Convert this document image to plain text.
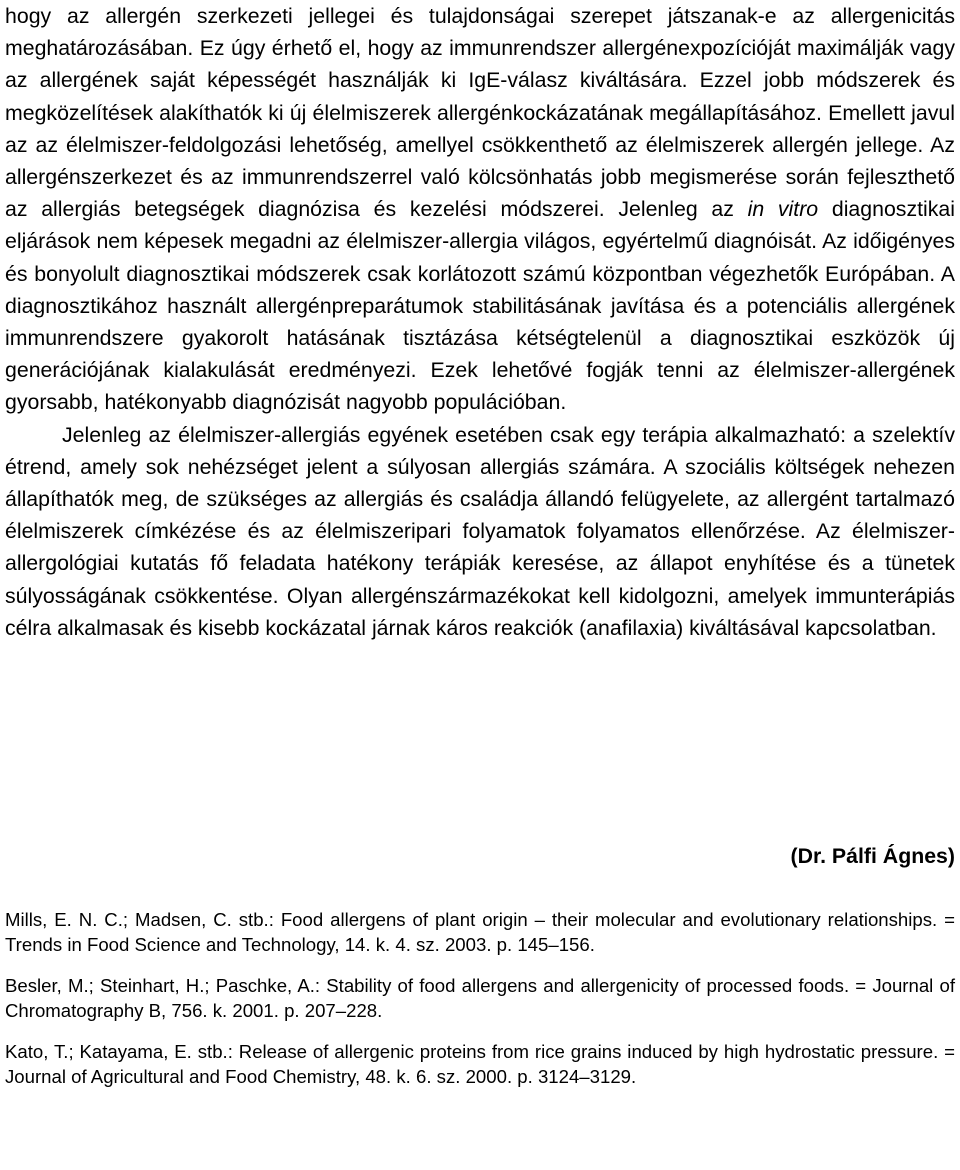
hogy az allergén szerkezeti jellegei és tulajdonságai szerepet játszanak-e az allergenicitás meghatározásában. Ez úgy érhető el, hogy az immunrendszer allergénexpozícióját maximálják vagy az allergének saját képességét használják ki IgE-válasz kiváltására. Ezzel jobb módszerek és megközelítések alakíthatók ki új élelmiszerek allergénkockázatának megállapításához. Emellett javul az az élelmiszer-feldolgozási lehetőség, amellyel csökkenthető az élelmiszerek allergén jellege. Az allergénszerkezet és az immunrendszerrel való kölcsönhatás jobb megismerése során fejleszthető az allergiás betegségek diagnózisa és kezelési módszerei. Jelenleg az in vitro diagnosztikai eljárások nem képesek megadni az élelmiszer-allergia világos, egyértelmű diagnóisát. Az időigényes és bonyolult diagnosztikai módszerek csak korlátozott számú központban végezhetők Európában. A diagnosztikához használt allergénpreparátumok stabilitásának javítása és a potenciális allergének immunrendszere gyakorolt hatásának tisztázása kétségtelenül a diagnosztikai eszközök új generációjának kialakulását eredményezi. Ezek lehetővé fogják tenni az élelmiszer-allergének gyorsabb, hatékonyabb diagnózisát nagyobb populációban.

Jelenleg az élelmiszer-allergiás egyének esetében csak egy terápia alkalmazható: a szelektív étrend, amely sok nehézséget jelent a súlyosan allergiás számára. A szociális költségek nehezen állapíthatók meg, de szükséges az allergiás és családja állandó felügyelete, az allergént tartalmazó élelmiszerek címkézése és az élelmiszeripari folyamatok folyamatos ellenőrzése. Az élelmiszer-allergológiai kutatás fő feladata hatékony terápiák keresése, az állapot enyhítése és a tünetek súlyosságának csökkentése. Olyan allergénszármazékokat kell kidolgozni, amelyek immunterápiás célra alkalmasak és kisebb kockázatal járnak káros reakciók (anafilaxia) kiváltásával kapcsolatban.

(Dr. Pálfi Ágnes)

Mills, E. N. C.; Madsen, C. stb.: Food allergens of plant origin – their molecular and evolutionary relationships. = Trends in Food Science and Technology, 14. k. 4. sz. 2003. p. 145–156.

Besler, M.; Steinhart, H.; Paschke, A.: Stability of food allergens and allergenicity of processed foods. = Journal of Chromatography B, 756. k. 2001. p. 207–228.

Kato, T.; Katayama, E. stb.: Release of allergenic proteins from rice grains induced by high hydrostatic pressure. = Journal of Agricultural and Food Chemistry, 48. k. 6. sz. 2000. p. 3124–3129.
